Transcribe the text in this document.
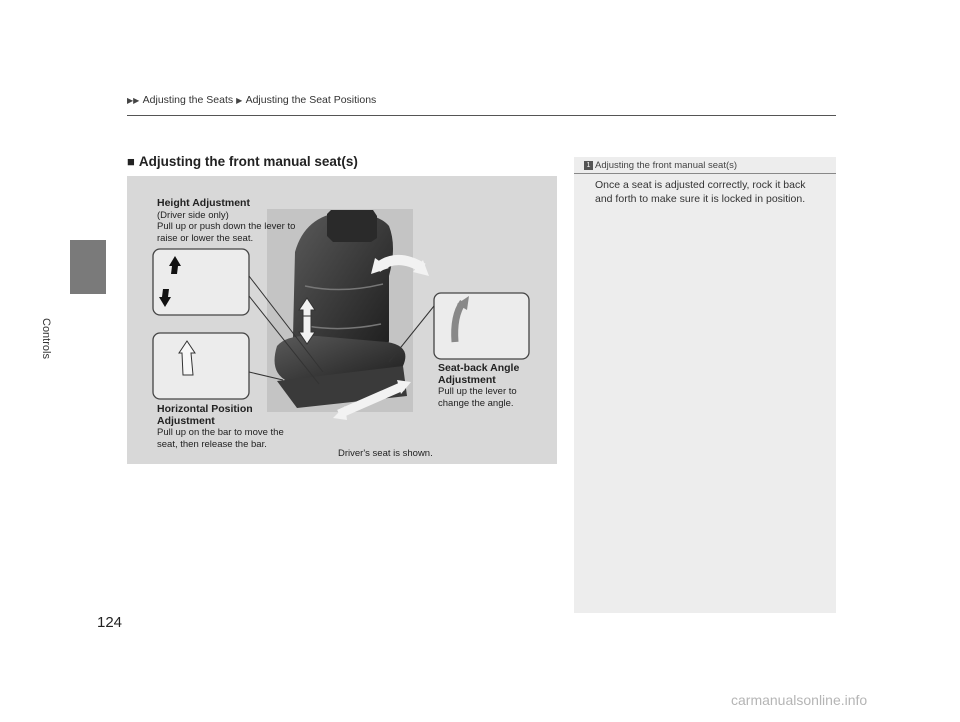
Controls
▶▶ Adjusting the Seats ▶ Adjusting the Seat Positions
■ Adjusting the front manual seat(s)
Height Adjustment
(Driver side only)
Pull up or push down the lever to raise or lower the seat.
Horizontal Position
Adjustment
Pull up on the bar to move the seat, then release the bar.
Seat-back Angle
Adjustment
Pull up the lever to change the angle.
Driver's seat is shown.
1 Adjusting the front manual seat(s)
Once a seat is adjusted correctly, rock it back and forth to make sure it is locked in position.
124
carmanualsonline.info
